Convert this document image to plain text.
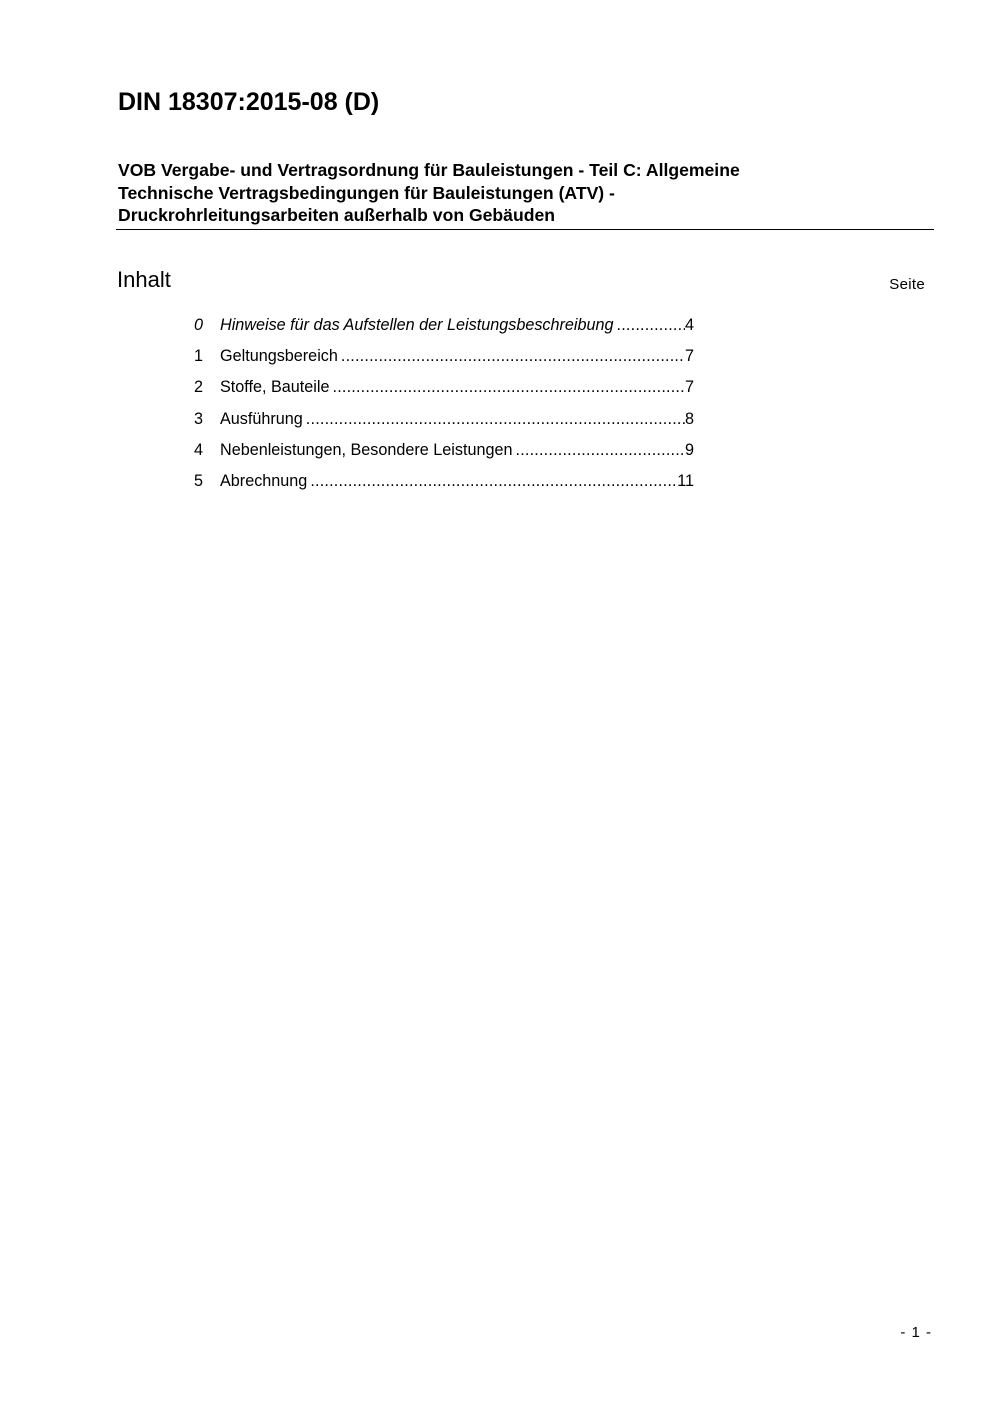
DIN 18307:2015-08 (D)
VOB Vergabe- und Vertragsordnung für Bauleistungen - Teil C: Allgemeine
Technische Vertragsbedingungen für Bauleistungen (ATV) -
Druckrohrleitungsarbeiten außerhalb von Gebäuden
Inhalt	Seite
0	Hinweise für das Aufstellen der Leistungsbeschreibung .....	4
1	Geltungsbereich .....	7
2	Stoffe, Bauteile .....	7
3	Ausführung .....	8
4	Nebenleistungen, Besondere Leistungen .....	9
5	Abrechnung .....	11
- 1 -
